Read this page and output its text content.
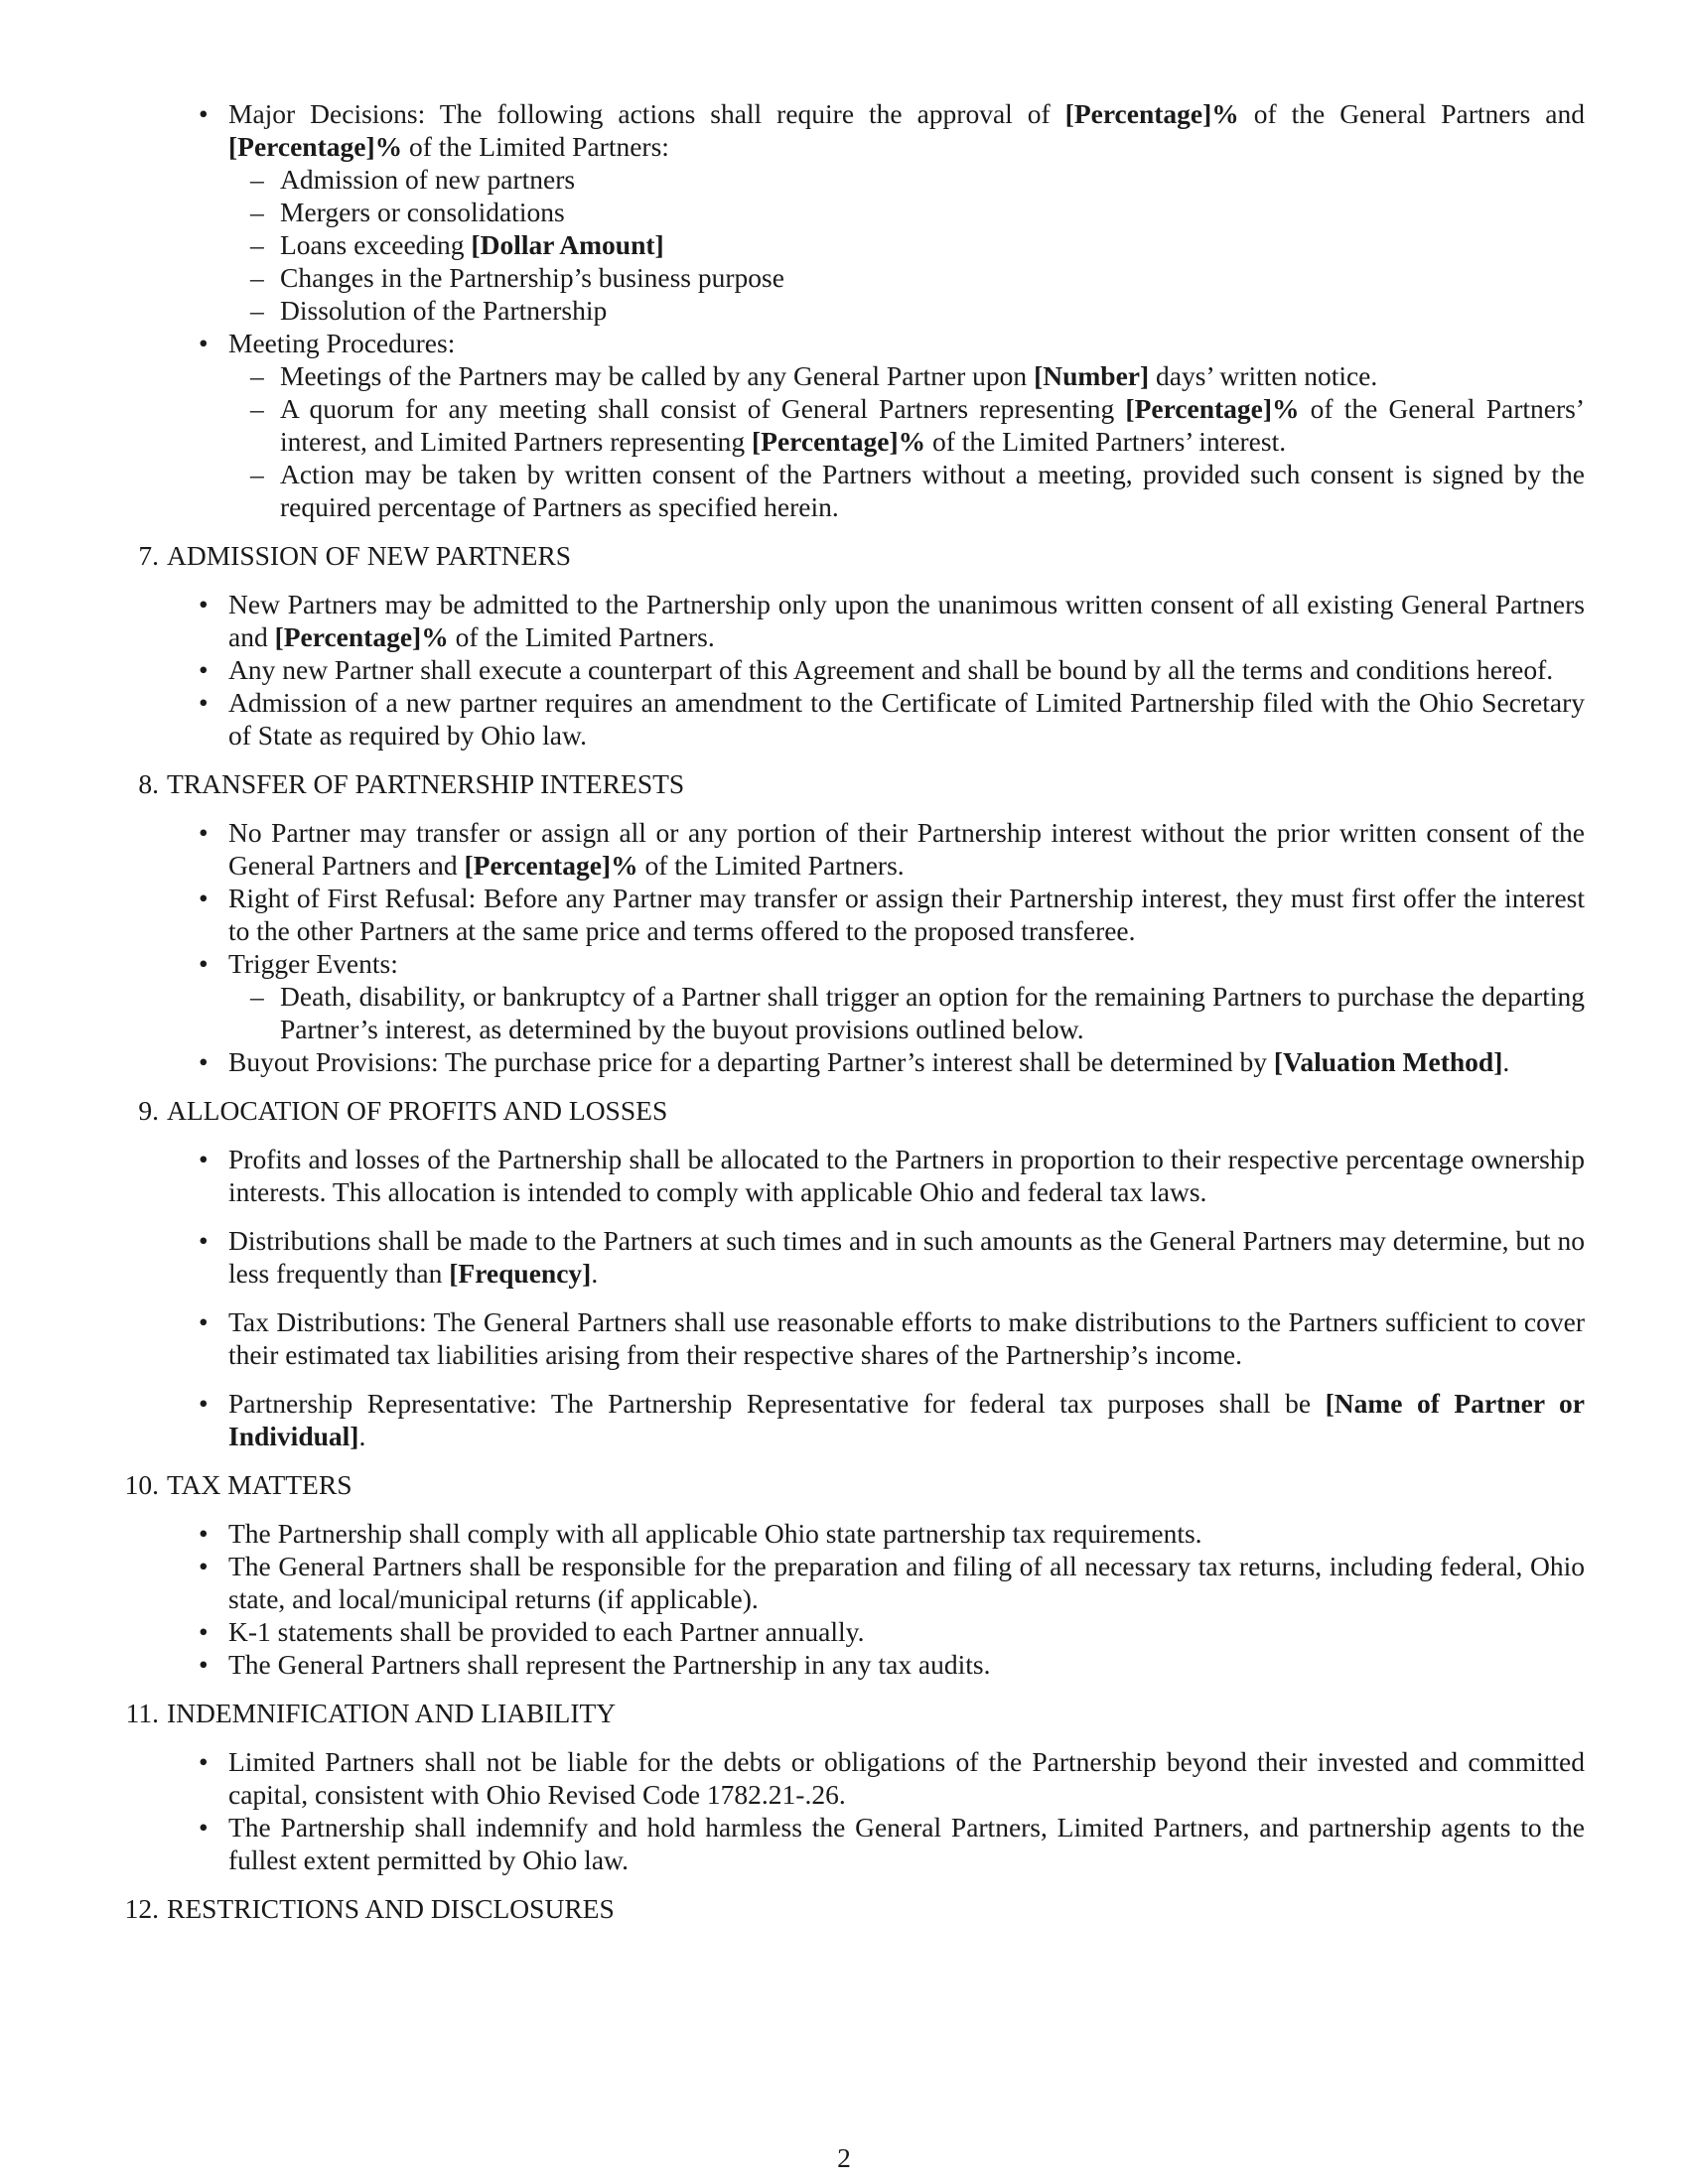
• Major Decisions: The following actions shall require the approval of [Percentage]% of the General Partners and [Percentage]% of the Limited Partners:
– Admission of new partners
– Mergers or consolidations
– Loans exceeding [Dollar Amount]
– Changes in the Partnership’s business purpose
– Dissolution of the Partnership
• Meeting Procedures:
– Meetings of the Partners may be called by any General Partner upon [Number] days’ written notice.
– A quorum for any meeting shall consist of General Partners representing [Percentage]% of the General Partners’ interest, and Limited Partners representing [Percentage]% of the Limited Partners’ interest.
– Action may be taken by written consent of the Partners without a meeting, provided such consent is signed by the required percentage of Partners as specified herein.
7. ADMISSION OF NEW PARTNERS
• New Partners may be admitted to the Partnership only upon the unanimous written consent of all existing General Partners and [Percentage]% of the Limited Partners.
• Any new Partner shall execute a counterpart of this Agreement and shall be bound by all the terms and conditions hereof.
• Admission of a new partner requires an amendment to the Certificate of Limited Partnership filed with the Ohio Secretary of State as required by Ohio law.
8. TRANSFER OF PARTNERSHIP INTERESTS
• No Partner may transfer or assign all or any portion of their Partnership interest without the prior written consent of the General Partners and [Percentage]% of the Limited Partners.
• Right of First Refusal: Before any Partner may transfer or assign their Partnership interest, they must first offer the interest to the other Partners at the same price and terms offered to the proposed transferee.
• Trigger Events:
– Death, disability, or bankruptcy of a Partner shall trigger an option for the remaining Partners to purchase the departing Partner’s interest, as determined by the buyout provisions outlined below.
• Buyout Provisions: The purchase price for a departing Partner’s interest shall be determined by [Valuation Method].
9. ALLOCATION OF PROFITS AND LOSSES
• Profits and losses of the Partnership shall be allocated to the Partners in proportion to their respective percentage ownership interests. This allocation is intended to comply with applicable Ohio and federal tax laws.
• Distributions shall be made to the Partners at such times and in such amounts as the General Partners may determine, but no less frequently than [Frequency].
• Tax Distributions: The General Partners shall use reasonable efforts to make distributions to the Partners sufficient to cover their estimated tax liabilities arising from their respective shares of the Partnership’s income.
• Partnership Representative: The Partnership Representative for federal tax purposes shall be [Name of Partner or Individual].
10. TAX MATTERS
• The Partnership shall comply with all applicable Ohio state partnership tax requirements.
• The General Partners shall be responsible for the preparation and filing of all necessary tax returns, including federal, Ohio state, and local/municipal returns (if applicable).
• K-1 statements shall be provided to each Partner annually.
• The General Partners shall represent the Partnership in any tax audits.
11. INDEMNIFICATION AND LIABILITY
• Limited Partners shall not be liable for the debts or obligations of the Partnership beyond their invested and committed capital, consistent with Ohio Revised Code 1782.21-.26.
• The Partnership shall indemnify and hold harmless the General Partners, Limited Partners, and partnership agents to the fullest extent permitted by Ohio law.
12. RESTRICTIONS AND DISCLOSURES
2
